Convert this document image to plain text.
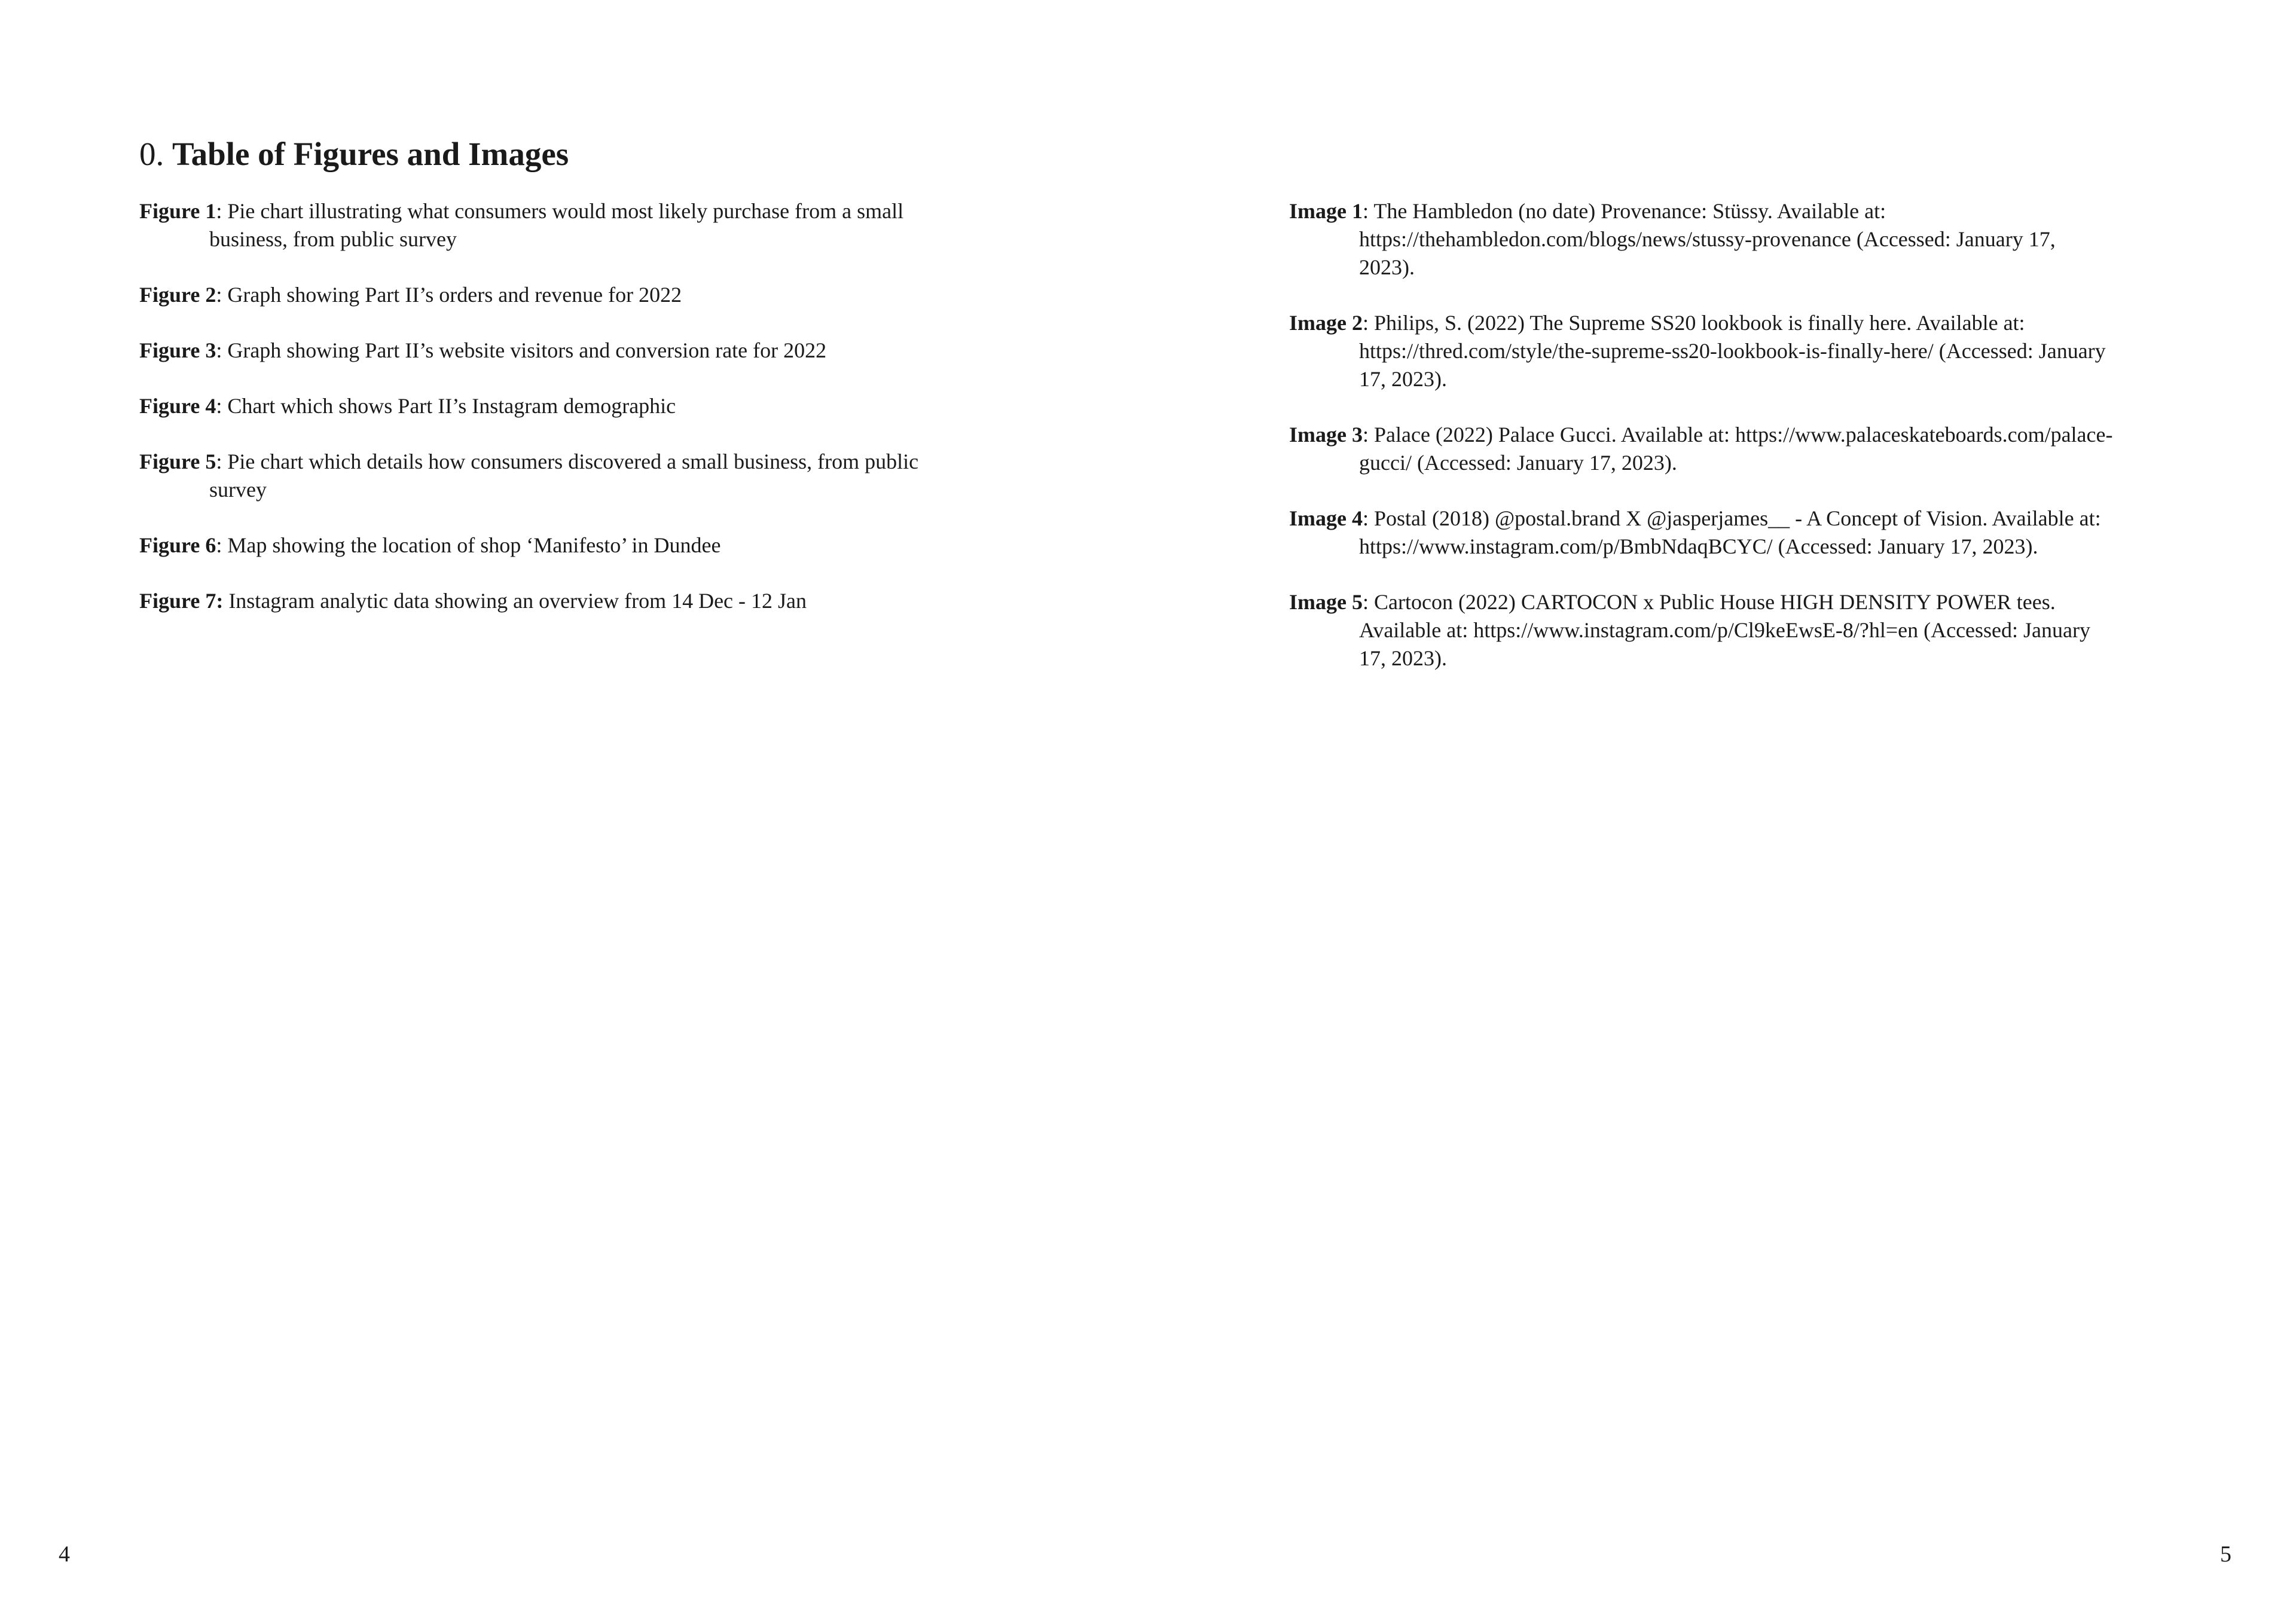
0. Table of Figures and Images
Figure 1: Pie chart illustrating what consumers would most likely purchase from a small business, from public survey
Figure 2: Graph showing Part II’s orders and revenue for 2022
Figure 3: Graph showing Part II’s website visitors and conversion rate for 2022
Figure 4: Chart which shows Part II’s Instagram demographic
Figure 5: Pie chart which details how consumers discovered a small business, from public survey
Figure 6: Map showing the location of shop ‘Manifesto’ in Dundee
Figure 7: Instagram analytic data showing an overview from 14 Dec - 12 Jan
4
Image 1: The Hambledon (no date) Provenance: Stüssy. Available at: https://thehambledon.com/blogs/news/stussy-provenance (Accessed: January 17, 2023).
Image 2: Philips, S. (2022) The Supreme SS20 lookbook is finally here. Available at: https://thred.com/style/the-supreme-ss20-lookbook-is-finally-here/ (Accessed: January 17, 2023).
Image 3: Palace (2022) Palace Gucci. Available at: https://www.palaceskateboards.com/palace-gucci/ (Accessed: January 17, 2023).
Image 4: Postal (2018) @postal.brand X @jasperjames__ - A Concept of Vision. Available at: https://www.instagram.com/p/BmbNdaqBCYC/ (Accessed: January 17, 2023).
Image 5: Cartocon (2022) CARTOCON x Public House HIGH DENSITY POWER tees. Available at: https://www.instagram.com/p/Cl9keEwsE-8/?hl=en (Accessed: January 17, 2023).
5
